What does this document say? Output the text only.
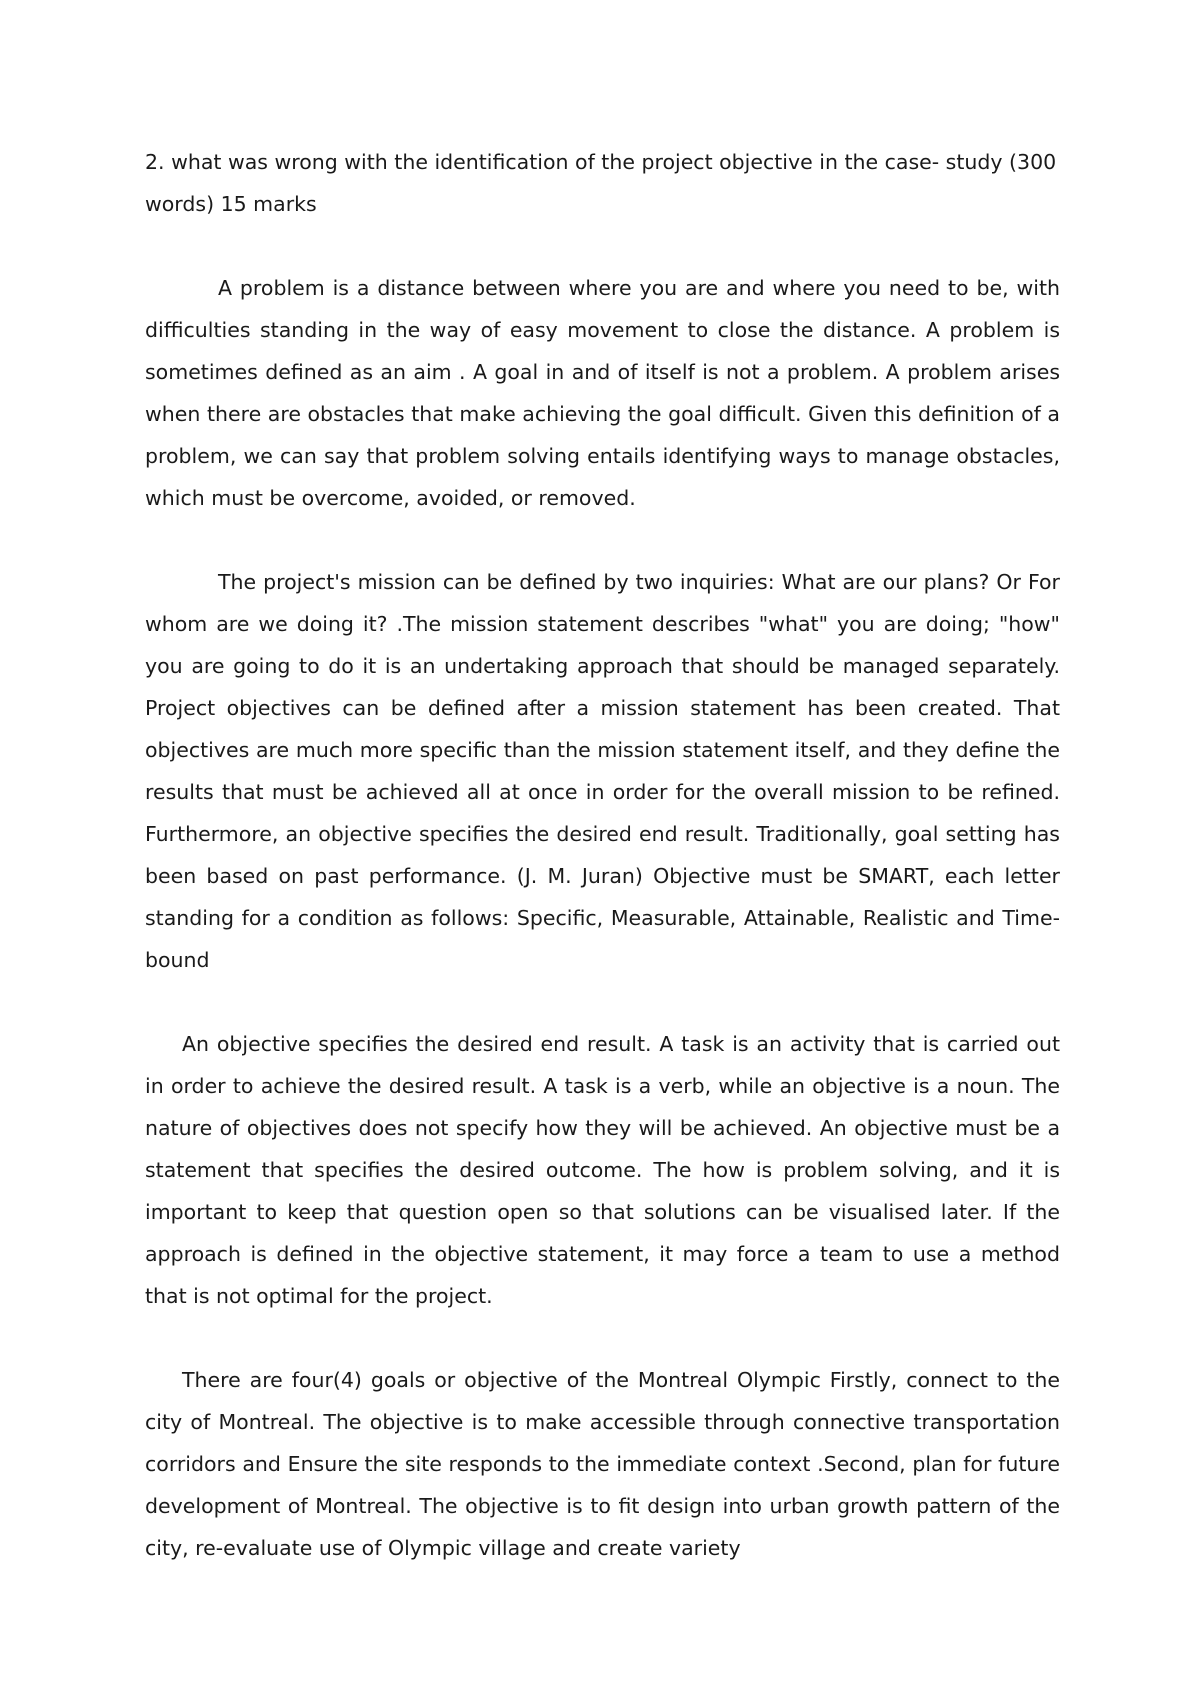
2. what was wrong with the identification of the project objective in the case- study (300 words) 15 marks

A problem is a distance between where you are and where you need to be, with difficulties standing in the way of easy movement to close the distance. A problem is sometimes defined as an aim . A goal in and of itself is not a problem. A problem arises when there are obstacles that make achieving the goal difficult. Given this definition of a problem, we can say that problem solving entails identifying ways to manage obstacles, which must be overcome, avoided, or removed.

The project's mission can be defined by two inquiries: What are our plans? Or For whom are we doing it? .The mission statement describes "what" you are doing; "how" you are going to do it is an undertaking approach that should be managed separately. Project objectives can be defined after a mission statement has been created. That objectives are much more specific than the mission statement itself, and they define the results that must be achieved all at once in order for the overall mission to be refined. Furthermore, an objective specifies the desired end result. Traditionally, goal setting has been based on past performance. (J. M. Juran) Objective must be SMART, each letter standing for a condition as follows: Specific, Measurable, Attainable, Realistic and Time-bound

An objective specifies the desired end result. A task is an activity that is carried out in order to achieve the desired result. A task is a verb, while an objective is a noun. The nature of objectives does not specify how they will be achieved. An objective must be a statement that specifies the desired outcome. The how is problem solving, and it is important to keep that question open so that solutions can be visualised later. If the approach is defined in the objective statement, it may force a team to use a method that is not optimal for the project.

There are four(4) goals or objective of the Montreal Olympic Firstly, connect to the city of Montreal. The objective is to make accessible through connective transportation corridors and Ensure the site responds to the immediate context .Second, plan for future development of Montreal. The objective is to fit design into urban growth pattern of the city, re-evaluate use of Olympic village and create variety
